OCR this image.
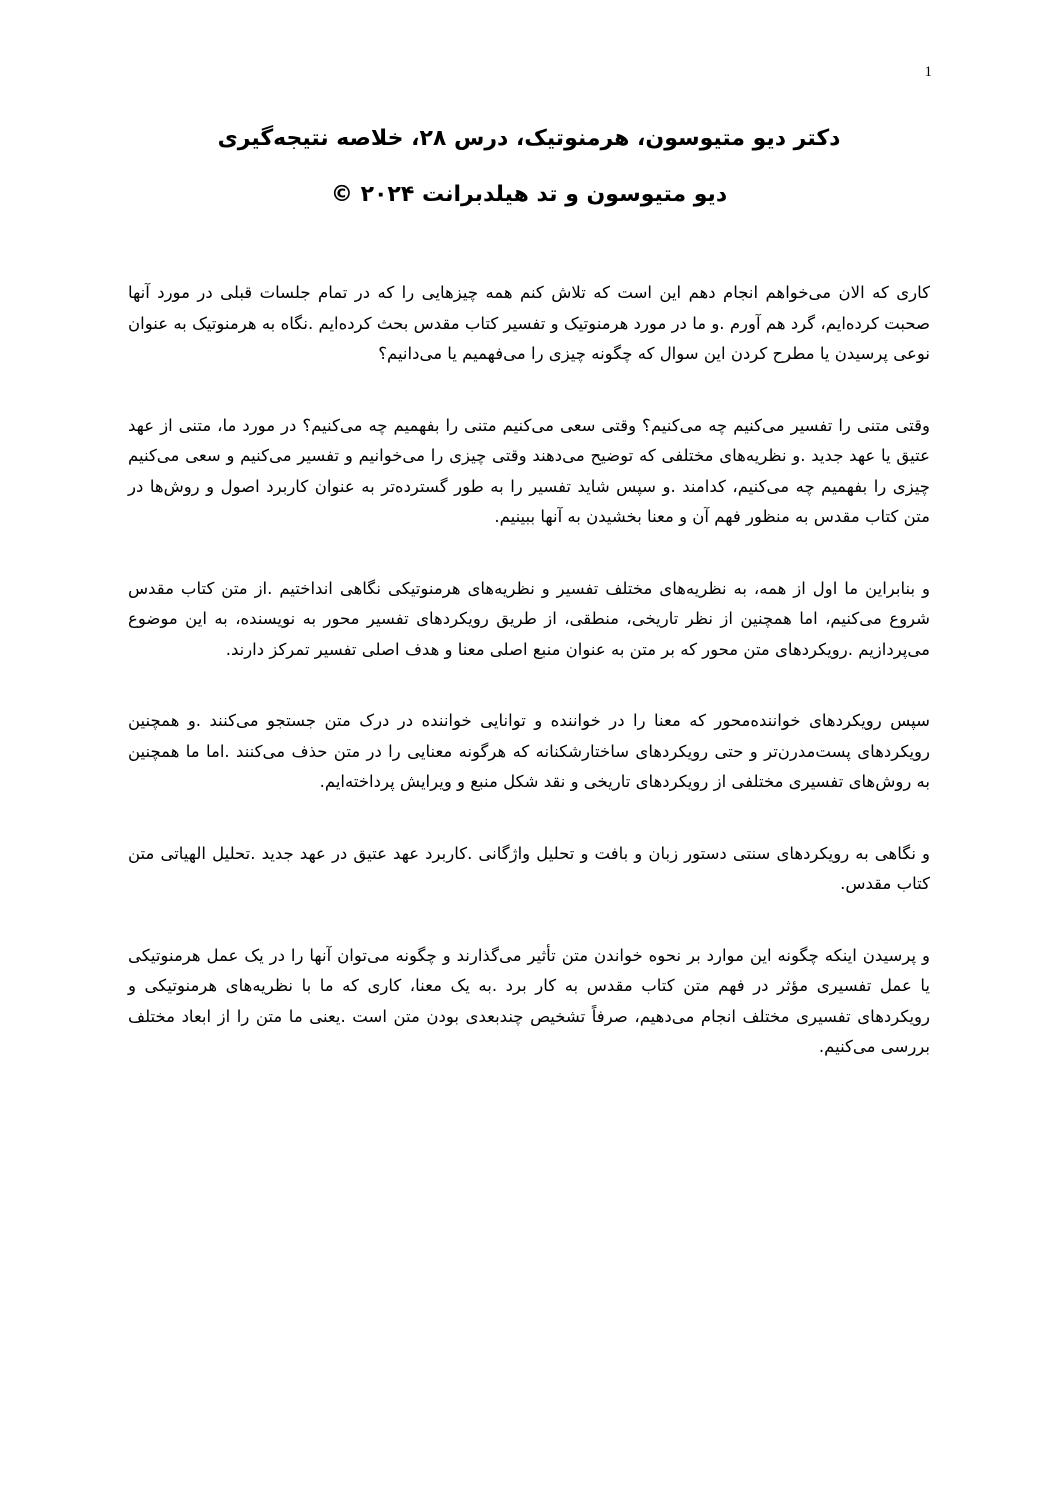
1
دکتر دیو متیوسون، هرمنوتیک، درس ۲۸، خلاصه نتیجه‌گیری
دیو متیوسون و تد هیلدبرانت ۲۰۲۴ ©

کاری که الان می‌خواهم انجام دهم این است که تلاش کنم همه چیزهایی را که در تمام جلسات قبلی در مورد آنها صحبت کرده‌ایم، گرد هم آورم .و ما در مورد هرمنوتیک و تفسیر کتاب مقدس بحث کرده‌ایم .نگاه به هرمنوتیک به عنوان نوعی پرسیدن یا مطرح کردن این سوال که چگونه چیزی را می‌فهمیم یا می‌دانیم؟

وقتی متنی را تفسیر می‌کنیم چه می‌کنیم؟ وقتی سعی می‌کنیم متنی را بفهمیم چه می‌کنیم؟ در مورد ما، متنی از عهد عتیق یا عهد جدید .و نظریه‌های مختلفی که توضیح می‌دهند وقتی چیزی را می‌خوانیم و تفسیر می‌کنیم و سعی می‌کنیم چیزی را بفهمیم چه می‌کنیم، کدامند .و سپس شاید تفسیر را به طور گسترده‌تر به عنوان کاربرد اصول و روش‌ها در متن کتاب مقدس به منظور فهم آن و معنا بخشیدن به آنها ببینیم.

و بنابراین ما اول از همه، به نظریه‌های مختلف تفسیر و نظریه‌های هرمنوتیکی نگاهی انداختیم .از متن کتاب مقدس شروع می‌کنیم، اما همچنین از نظر تاریخی، منطقی، از طریق رویکردهای تفسیر محور به نویسنده، به این موضوع می‌پردازیم .رویکردهای متن محور که بر متن به عنوان منبع اصلی معنا و هدف اصلی تفسیر تمرکز دارند.

سپس رویکردهای خواننده‌محور که معنا را در خواننده و توانایی خواننده در درک متن جستجو می‌کنند .و همچنین رویکردهای پست‌مدرن‌تر و حتی رویکردهای ساختارشکنانه که هرگونه معنایی را در متن حذف می‌کنند .اما ما همچنین به روش‌های تفسیری مختلفی از رویکردهای تاریخی و نقد شکل منبع و ویرایش پرداخته‌ایم.

و نگاهی به رویکردهای سنتی دستور زبان و بافت و تحلیل واژگانی .کاربرد عهد عتیق در عهد جدید .تحلیل الهیاتی متن کتاب مقدس.

و پرسیدن اینکه چگونه این موارد بر نحوه خواندن متن تأثیر می‌گذارند و چگونه می‌توان آنها را در یک عمل هرمنوتیکی یا عمل تفسیری مؤثر در فهم متن کتاب مقدس به کار برد .به یک معنا، کاری که ما با نظریه‌های هرمنوتیکی و رویکردهای تفسیری مختلف انجام می‌دهیم، صرفاً تشخیص چندبعدی بودن متن است .یعنی ما متن را از ابعاد مختلف بررسی می‌کنیم.
